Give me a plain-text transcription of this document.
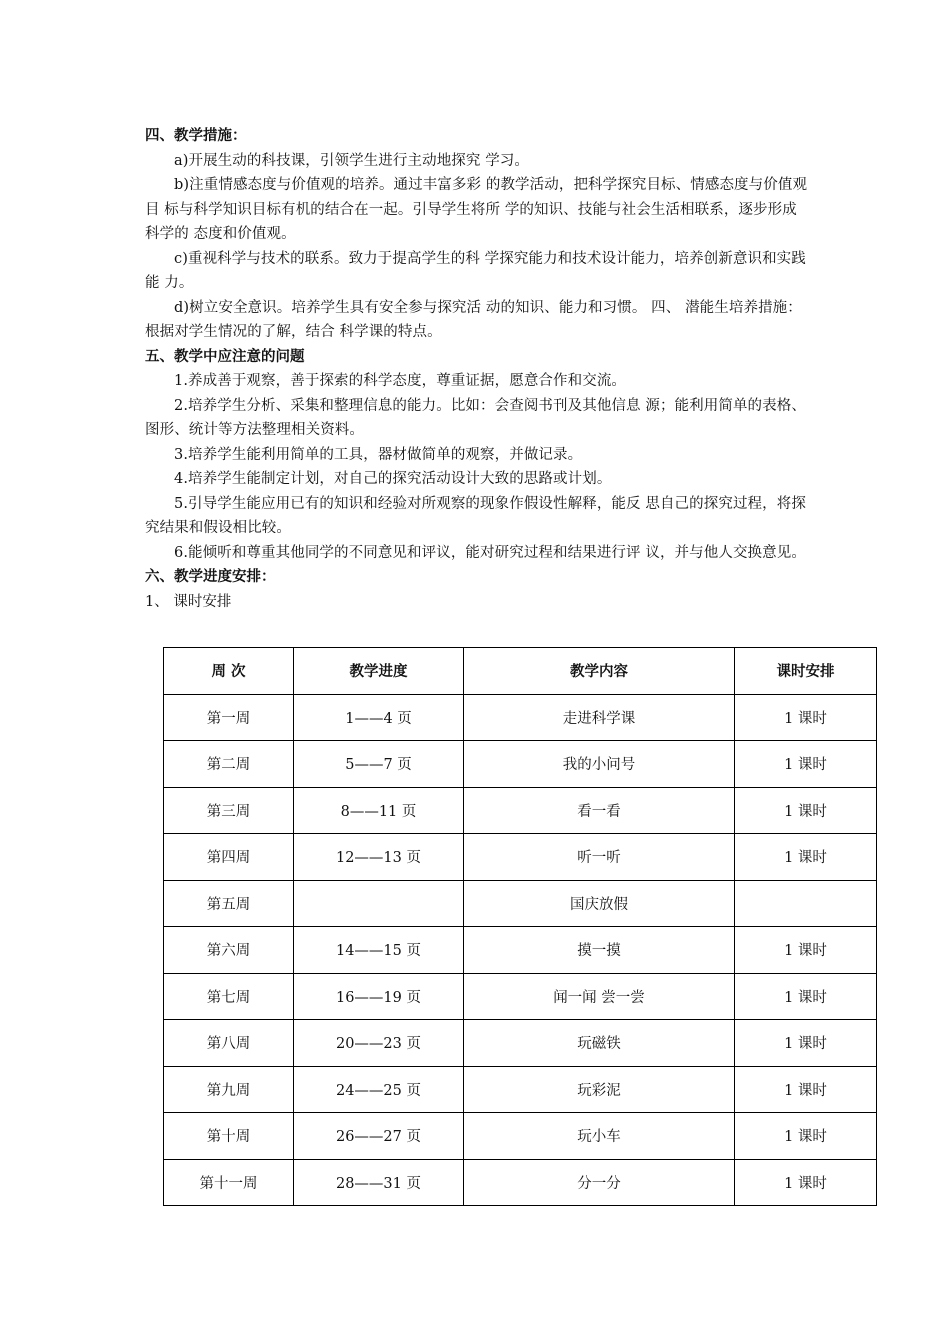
四、教学措施：

a)开展生动的科技课，引领学生进行主动地探究 学习。

b)注重情感态度与价值观的培养。通过丰富多彩 的教学活动，把科学探究目标、情感态度与价值观目 标与科学知识目标有机的结合在一起。引导学生将所 学的知识、技能与社会生活相联系，逐步形成科学的 态度和价值观。

c)重视科学与技术的联系。致力于提高学生的科 学探究能力和技术设计能力，培养创新意识和实践能 力。

d)树立安全意识。培养学生具有安全参与探究活 动的知识、能力和习惯。 四、 潜能生培养措施：根据对学生情况的了解，结合 科学课的特点。

五、教学中应注意的问题

1.养成善于观察，善于探索的科学态度，尊重证据，愿意合作和交流。

2.培养学生分析、采集和整理信息的能力。比如：会查阅书刊及其他信息 源；能利用简单的表格、图形、统计等方法整理相关资料。

3.培养学生能利用简单的工具，器材做简单的观察，并做记录。

4.培养学生能制定计划，对自己的探究活动设计大致的思路或计划。

5.引导学生能应用已有的知识和经验对所观察的现象作假设性解释，能反 思自己的探究过程，将探究结果和假设相比较。

6.能倾听和尊重其他同学的不同意见和评议，能对研究过程和结果进行评 议，并与他人交换意见。

六、教学进度安排：

1、 课时安排

周 次	教学进度	教学内容	课时安排
第一周	1——4 页	走进科学课	1 课时
第二周	5——7 页	我的小问号	1 课时
第三周	8——11 页	看一看	1 课时
第四周	12——13 页	听一听	1 课时
第五周		国庆放假	
第六周	14——15 页	摸一摸	1 课时
第七周	16——19 页	闻一闻 尝一尝	1 课时
第八周	20——23 页	玩磁铁	1 课时
第九周	24——25 页	玩彩泥	1 课时
第十周	26——27 页	玩小车	1 课时
第十一周	28——31 页	分一分	1 课时
